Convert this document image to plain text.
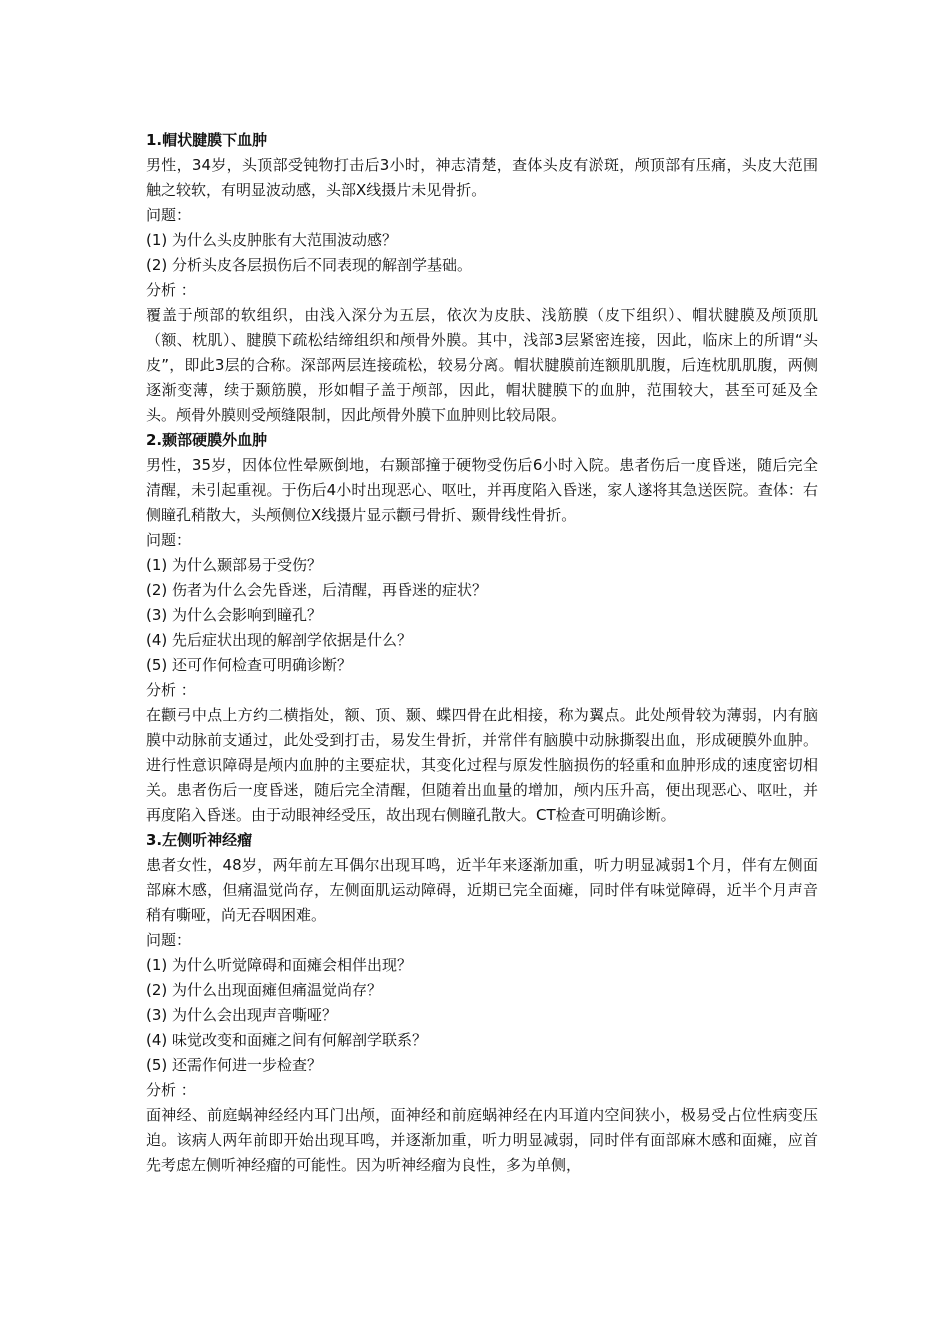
1.帽状腱膜下血肿

男性，34岁，头顶部受钝物打击后3小时，神志清楚，查体头皮有淤斑，颅顶部有压痛，头皮大范围触之较软，有明显波动感，头部X线摄片未见骨折。

问题：

(1) 为什么头皮肿胀有大范围波动感？

(2) 分析头皮各层损伤后不同表现的解剖学基础。

分析 ：

覆盖于颅部的软组织，由浅入深分为五层，依次为皮肤、浅筋膜（皮下组织）、帽状腱膜及颅顶肌（额、枕肌）、腱膜下疏松结缔组织和颅骨外膜。其中，浅部3层紧密连接，因此，临床上的所谓“头皮”，即此3层的合称。深部两层连接疏松，较易分离。帽状腱膜前连额肌肌腹，后连枕肌肌腹，两侧逐渐变薄，续于颞筋膜，形如帽子盖于颅部，因此，帽状腱膜下的血肿，范围较大，甚至可延及全头。颅骨外膜则受颅缝限制，因此颅骨外膜下血肿则比较局限。

2.颞部硬膜外血肿

男性，35岁，因体位性晕厥倒地，右颞部撞于硬物受伤后6小时入院。患者伤后一度昏迷，随后完全清醒，未引起重视。于伤后4小时出现恶心、呕吐，并再度陷入昏迷，家人遂将其急送医院。查体：右侧瞳孔稍散大，头颅侧位X线摄片显示颧弓骨折、颞骨线性骨折。

问题：

(1) 为什么颞部易于受伤？

(2) 伤者为什么会先昏迷，后清醒，再昏迷的症状？

(3) 为什么会影响到瞳孔？

(4) 先后症状出现的解剖学依据是什么？

(5) 还可作何检查可明确诊断？

分析 ：

在颧弓中点上方约二横指处，额、顶、颞、蝶四骨在此相接，称为翼点。此处颅骨较为薄弱，内有脑膜中动脉前支通过，此处受到打击，易发生骨折，并常伴有脑膜中动脉撕裂出血，形成硬膜外血肿。进行性意识障碍是颅内血肿的主要症状，其变化过程与原发性脑损伤的轻重和血肿形成的速度密切相关。患者伤后一度昏迷，随后完全清醒，但随着出血量的增加，颅内压升高，便出现恶心、呕吐，并再度陷入昏迷。由于动眼神经受压，故出现右侧瞳孔散大。CT检查可明确诊断。

3.左侧听神经瘤

患者女性，48岁，两年前左耳偶尔出现耳鸣，近半年来逐渐加重，听力明显减弱1个月，伴有左侧面部麻木感，但痛温觉尚存，左侧面肌运动障碍，近期已完全面瘫，同时伴有味觉障碍，近半个月声音稍有嘶哑，尚无吞咽困难。

问题：

(1) 为什么听觉障碍和面瘫会相伴出现？

(2) 为什么出现面瘫但痛温觉尚存？

(3) 为什么会出现声音嘶哑？

(4) 味觉改变和面瘫之间有何解剖学联系？

(5) 还需作何进一步检查？

分析 ：

面神经、前庭蜗神经经内耳门出颅，面神经和前庭蜗神经在内耳道内空间狭小，极易受占位性病变压迫。该病人两年前即开始出现耳鸣，并逐渐加重，听力明显减弱，同时伴有面部麻木感和面瘫，应首先考虑左侧听神经瘤的可能性。因为听神经瘤为良性，多为单侧，
